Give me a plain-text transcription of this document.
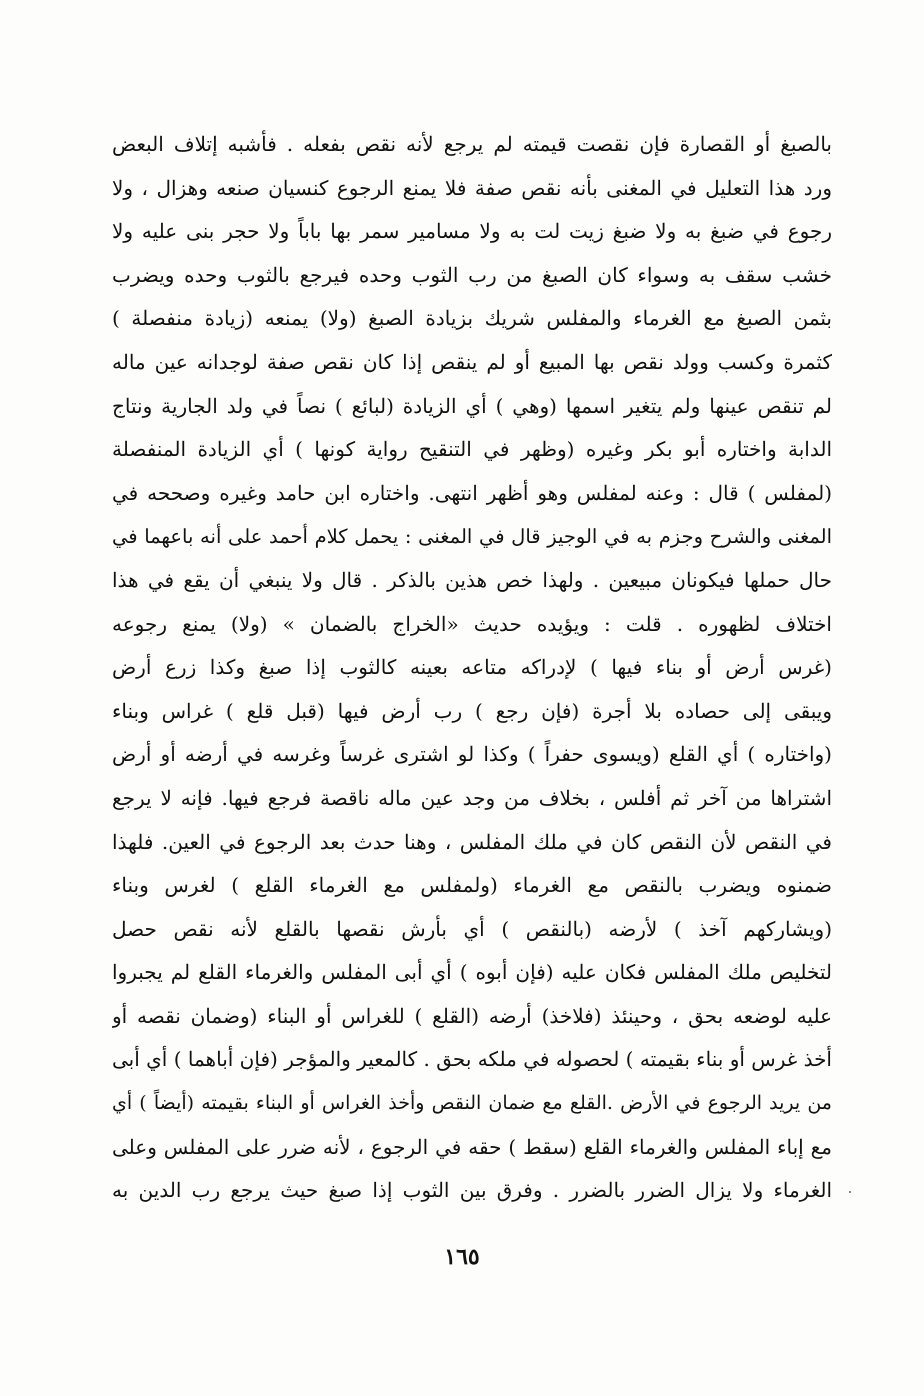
بالصبغ أو القصارة فإن نقصت قيمته لم يرجع لأنه نقص بفعله . فأشبه إتلاف البعض
ورد هذا التعليل في المغنى بأنه نقص صفة فلا يمنع الرجوع كنسيان صنعه وهزال ، ولا
رجوع في ضبغ به ولا ضبغ زيت لت به ولا مسامير سمر بها باباً ولا حجر بنى عليه ولا
خشب سقف به وسواء كان الصبغ من رب الثوب وحده فيرجع بالثوب وحده ويضرب
بثمن الصبغ مع الغرماء والمفلس شريك بزيادة الصبغ (ولا) يمنعه (زيادة منفصلة )
كثمرة وكسب وولد نقص بها المبيع أو لم ينقص إذا كان نقص صفة لوجدانه عين ماله
لم تنقص عينها ولم يتغير اسمها (وهي ) أي الزيادة (لبائع ) نصاً في ولد الجارية ونتاج
الدابة واختاره أبو بكر وغيره (وظهر في التنقيح رواية كونها ) أي الزيادة المنفصلة
(لمفلس ) قال : وعنه لمفلس وهو أظهر انتهى. واختاره ابن حامد وغيره وصححه في
المغنى والشرح وجزم به في الوجيز قال في المغنى : يحمل كلام أحمد على أنه باعهما في
حال حملها فيكونان مبيعين . ولهذا خص هذين بالذكر . قال ولا ينبغي أن يقع في هذا
اختلاف لظهوره . قلت : ويؤيده حديث «الخراج بالضمان » (ولا) يمنع رجوعه
(غرس أرض أو بناء فيها ) لإدراكه متاعه بعينه كالثوب إذا صبغ وكذا زرع أرض
ويبقى إلى حصاده بلا أجرة (فإن رجع ) رب أرض فيها (قبل قلع ) غراس وبناء
(واختاره ) أي القلع (ويسوى حفراً ) وكذا لو اشترى غرساً وغرسه في أرضه أو أرض
اشتراها من آخر ثم أفلس ، بخلاف من وجد عين ماله ناقصة فرجع فيها. فإنه لا يرجع
في النقص لأن النقص كان في ملك المفلس ، وهنا حدث بعد الرجوع في العين. فلهذا
ضمنوه ويضرب بالنقص مع الغرماء (ولمفلس مع الغرماء القلع ) لغرس وبناء
(ويشاركهم آخذ ) لأرضه (بالنقص ) أي بأرش نقصها بالقلع لأنه نقص حصل
لتخليص ملك المفلس فكان عليه (فإن أبوه ) أي أبى المفلس والغرماء القلع لم يجبروا
عليه لوضعه بحق ، وحينئذ (فلاخذ) أرضه (القلع ) للغراس أو البناء (وضمان نقصه أو
أخذ غرس أو بناء بقيمته ) لحصوله في ملكه بحق . كالمعير والمؤجر (فإن أباهما ) أي أبى
من يريد الرجوع في الأرض .القلع مع ضمان النقص وأخذ الغراس أو البناء بقيمته (أيضاً ) أي
مع إباء المفلس والغرماء القلع (سقط ) حقه في الرجوع ، لأنه ضرر على المفلس وعلى
الغرماء ولا يزال الضرر بالضرر . وفرق بين الثوب إذا صبغ حيث يرجع رب الدين به
١٦٥
